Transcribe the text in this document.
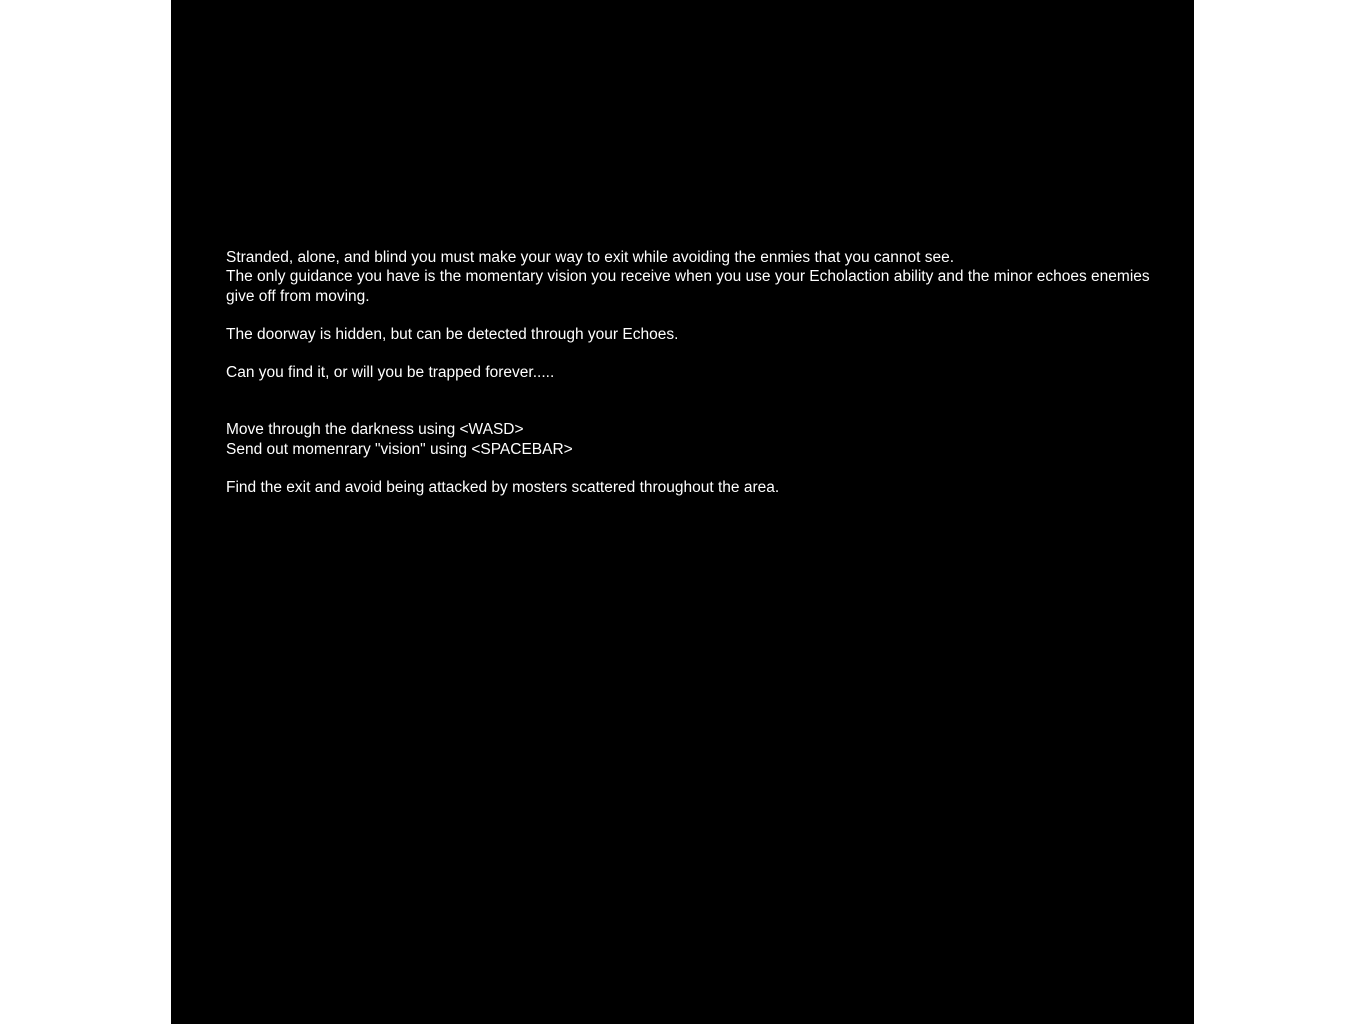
Stranded, alone, and blind you must make your way to exit while avoiding the enmies that you cannot see.

The only guidance you have is the momentary vision you receive when you use your Echolaction ability and the minor echoes enemies give off from moving.

The doorway is hidden, but can be detected through your Echoes.

Can you find it, or will you be trapped forever.....

Move through the darkness using <WASD>

Send out momenrary "vision" using <SPACEBAR>

Find the exit and avoid being attacked by mosters scattered throughout the area.
